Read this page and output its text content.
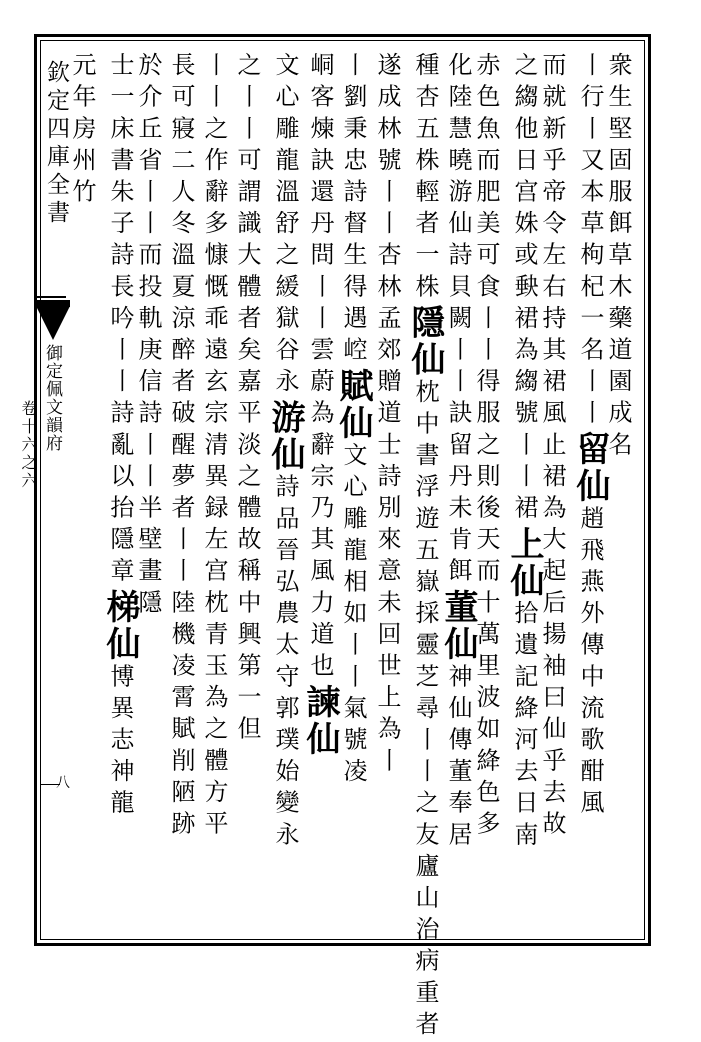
欽定四庫全書
御定佩文韻府
卷十六之六
八
衆生堅固服餌草木藥道園成名
丨行丨又本草枸杞一名丨丨留仙趙飛燕外傳中流歌酣風
而就新乎帝令左右持其裙風止裙為大起后揚袖曰仙乎去故
之縐他日宫姝或𡙇裙為縐號丨丨裙上仙拾遺記絳河去日南
赤色魚而肥美可食丨丨得服之則後天而十萬里波如絳色多
化陸慧曉游仙詩貝闕丨丨訣留丹未肯餌董仙神仙傳董奉居
種杏五株輕者一株隱仙枕中書浮遊五嶽採靈芝尋丨丨之友廬山治病重者
遂成林號丨丨杏林孟郊贈道士詩別來意未回世上為丨
丨劉秉忠詩督生得遇崆賦仙文心雕龍相如丨丨氣號凌
峒客煉訣還丹問丨丨雲蔚為辭宗乃其風力道也諫仙
文心雕龍溫舒之緩獄谷永游仙詩品晉弘農太守郭璞始變永
之丨丨可謂識大體者矣嘉平淡之體故稱中興第一但
丨丨之作辭多慷慨乖遠玄宗清異録左宫枕青玉為之體方平
長可寢二人冬溫夏涼醉者破醒夢者丨丨陸機凌霄賦削陋跡
於介丘省丨丨而投軌庚信詩丨丨半壁畫隱
士一床書朱子詩長吟丨丨詩亂以抬隱章梯仙博異志神龍
元年房州竹
